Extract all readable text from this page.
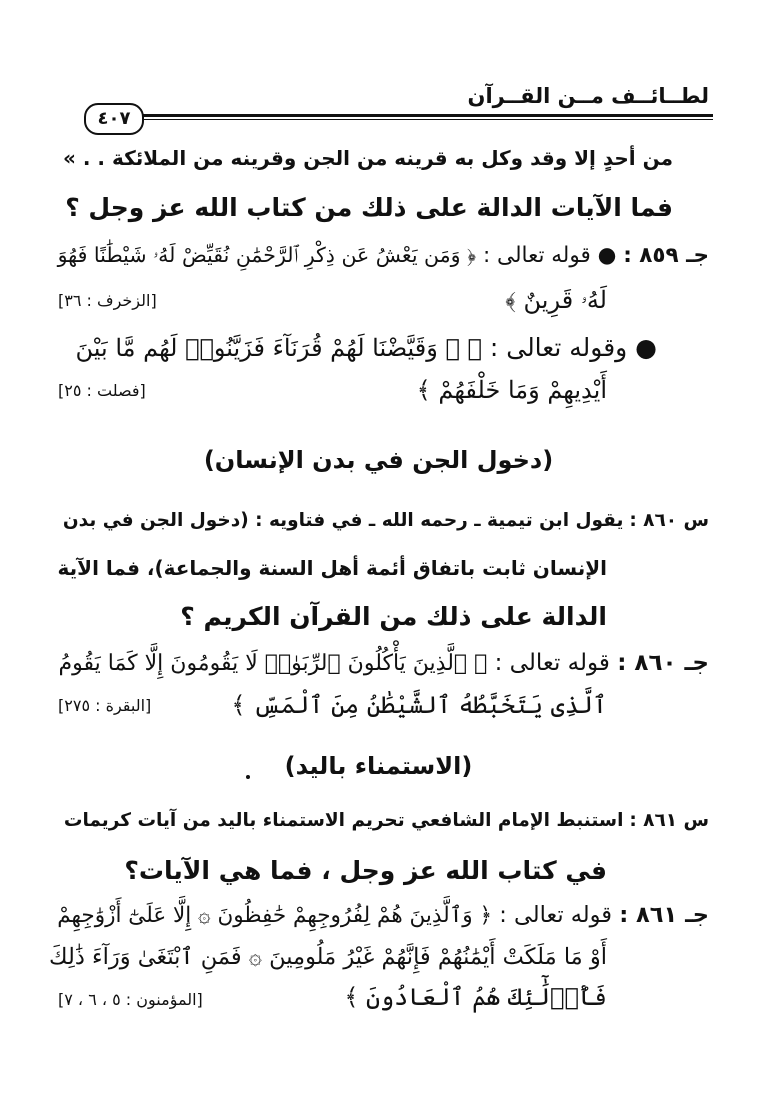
لطــائــف مــن القــرآن
٤٠٧
من أحدٍ إلا وقد وكل به قرينه من الجن وقرينه من الملائكة . . »
فما الآيات الدالة على ذلك من كتاب الله عز وجل ؟
جـ ٨٥٩ : ● قوله تعالى : ﴿ وَمَن يَعْشُ عَن ذِكْرِ ٱلرَّحْمَٰنِ نُقَيِّضْ لَهُۥ شَيْطَٰنًا فَهُوَ
لَهُۥ قَرِينٌ ﴾
[الزخرف : ٣٦]
● وقوله تعالى : ﴿ ۞ وَقَيَّضْنَا لَهُمْ قُرَنَآءَ فَزَيَّنُوا۟ لَهُم مَّا بَيْنَ
أَيْدِيهِمْ وَمَا خَلْفَهُمْ ﴾
[فصلت : ٢٥]
(دخول الجن في بدن الإنسان)
س ٨٦٠ : يقول ابن تيمية ـ رحمه الله ـ في فتاويه : (دخول الجن في بدن
الإنسان ثابت باتفاق أئمة أهل السنة والجماعة)، فما الآية
الدالة على ذلك من القرآن الكريم ؟
جـ ٨٦٠ : قوله تعالى : ﴿ ٱلَّذِينَ يَأْكُلُونَ ٱلرِّبَوٰا۟ لَا يَقُومُونَ إِلَّا كَمَا يَقُومُ
ٱلَّذِى يَتَخَبَّطُهُ ٱلشَّيْطَٰنُ مِنَ ٱلْمَسِّ ﴾
[البقرة : ٢٧٥]
(الاستمناء باليد)
س ٨٦١ : استنبط الإمام الشافعي تحريم الاستمناء باليد من آيات كريمات
في كتاب الله عز وجل ، فما هي الآيات؟
جـ ٨٦١ : قوله تعالى : ﴿ وَٱلَّذِينَ هُمْ لِفُرُوجِهِمْ حَٰفِظُونَ ۞ إِلَّا عَلَىٰٓ أَزْوَٰجِهِمْ
أَوْ مَا مَلَكَتْ أَيْمَٰنُهُمْ فَإِنَّهُمْ غَيْرُ مَلُومِينَ ۞ فَمَنِ ٱبْتَغَىٰ وَرَآءَ ذَٰلِكَ
فَأُو۟لَٰٓئِكَ هُمُ ٱلْعَادُونَ ﴾
[المؤمنون : ٥ ، ٦ ، ٧]
